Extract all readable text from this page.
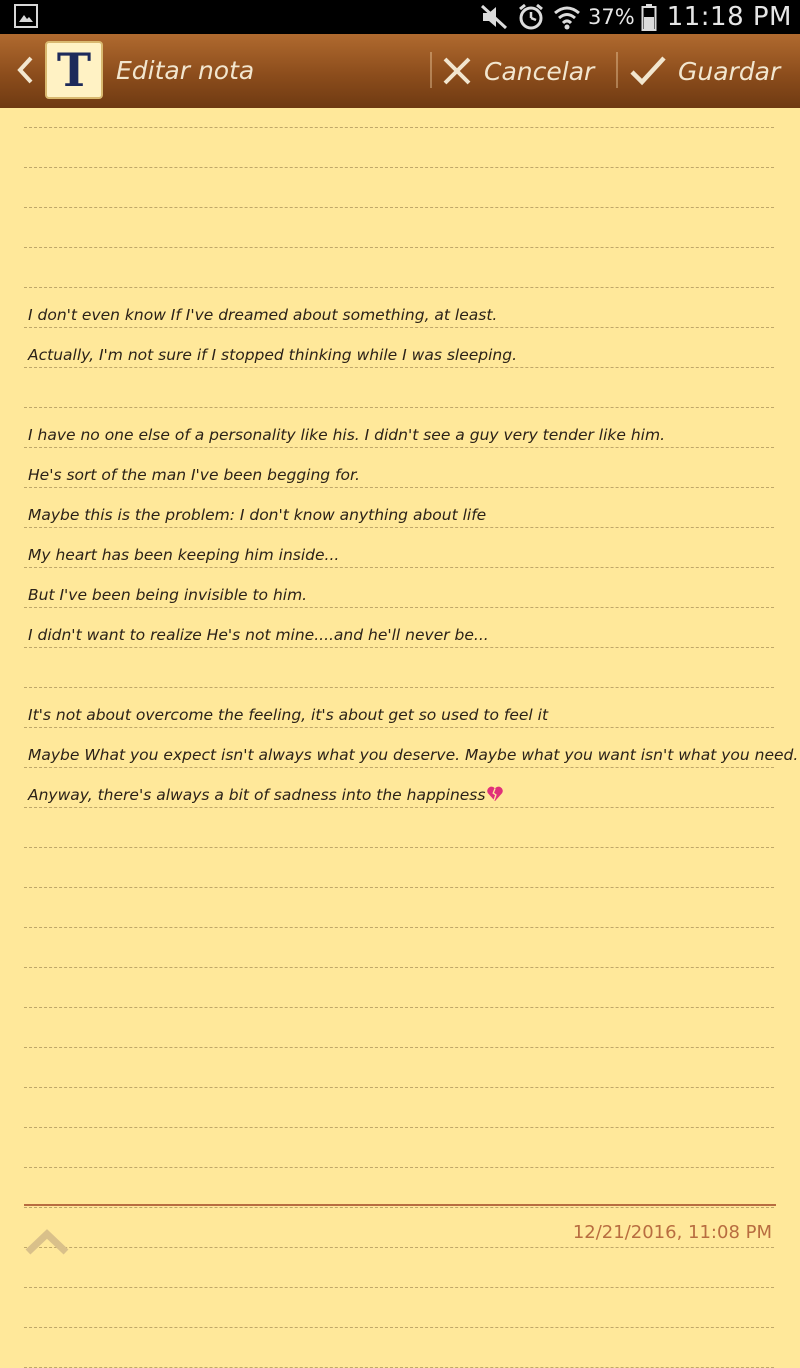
37% 11:18 PM
T Editar nota	Cancelar	Guardar
I don't even know If I've dreamed about something, at least.
Actually, I'm not sure if I stopped thinking while I was sleeping.
I have no one else of a personality like his. I didn't see a guy very tender like him.
He's sort of the man I've been begging for.
Maybe this is the problem: I don't know anything about life
My heart has been keeping him inside...
But I've been being invisible to him.
I didn't want to realize He's not mine....and he'll never be...
It's not about overcome the feeling, it's about get so used to feel it
Maybe What you expect isn't always what you deserve. Maybe what you want isn't what you need.
Anyway, there's always a bit of sadness into the happiness
12/21/2016, 11:08 PM
